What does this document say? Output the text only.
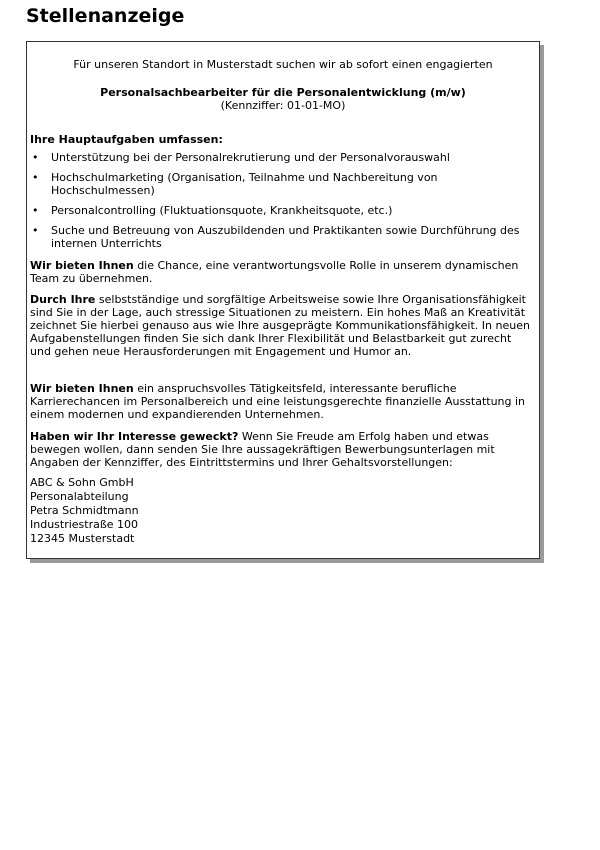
Stellenanzeige
Für unseren Standort in Musterstadt suchen wir ab sofort einen engagierten
Personalsachbearbeiter für die Personalentwicklung (m/w)
(Kennziffer: 01-01-MO)
Ihre Hauptaufgaben umfassen:
• Unterstützung bei der Personalrekrutierung und der Personalvorauswahl
• Hochschulmarketing (Organisation, Teilnahme und Nachbereitung von Hochschulmessen)
• Personalcontrolling (Fluktuationsquote, Krankheitsquote, etc.)
• Suche und Betreuung von Auszubildenden und Praktikanten sowie Durchführung des internen Unterrichts

Wir bieten Ihnen die Chance, eine verantwortungsvolle Rolle in unserem dynamischen Team zu übernehmen.

Durch Ihre selbstständige und sorgfältige Arbeitsweise sowie Ihre Organisationsfähigkeit sind Sie in der Lage, auch stressige Situationen zu meistern. Ein hohes Maß an Kreativität zeichnet Sie hierbei genauso aus wie Ihre ausgeprägte Kommunikationsfähigkeit. In neuen Aufgabenstellungen finden Sie sich dank Ihrer Flexibilität und Belastbarkeit gut zurecht und gehen neue Herausforderungen mit Engagement und Humor an.

Wir bieten Ihnen ein anspruchsvolles Tätigkeitsfeld, interessante berufliche Karrierechancen im Personalbereich und eine leistungsgerechte finanzielle Ausstattung in einem modernen und expandierenden Unternehmen.

Haben wir Ihr Interesse geweckt? Wenn Sie Freude am Erfolg haben und etwas bewegen wollen, dann senden Sie Ihre aussagekräftigen Bewerbungsunterlagen mit Angaben der Kennziffer, des Eintrittstermins und Ihrer Gehaltsvorstellungen:

ABC & Sohn GmbH
Personalabteilung
Petra Schmidtmann
Industriestraße 100
12345 Musterstadt
